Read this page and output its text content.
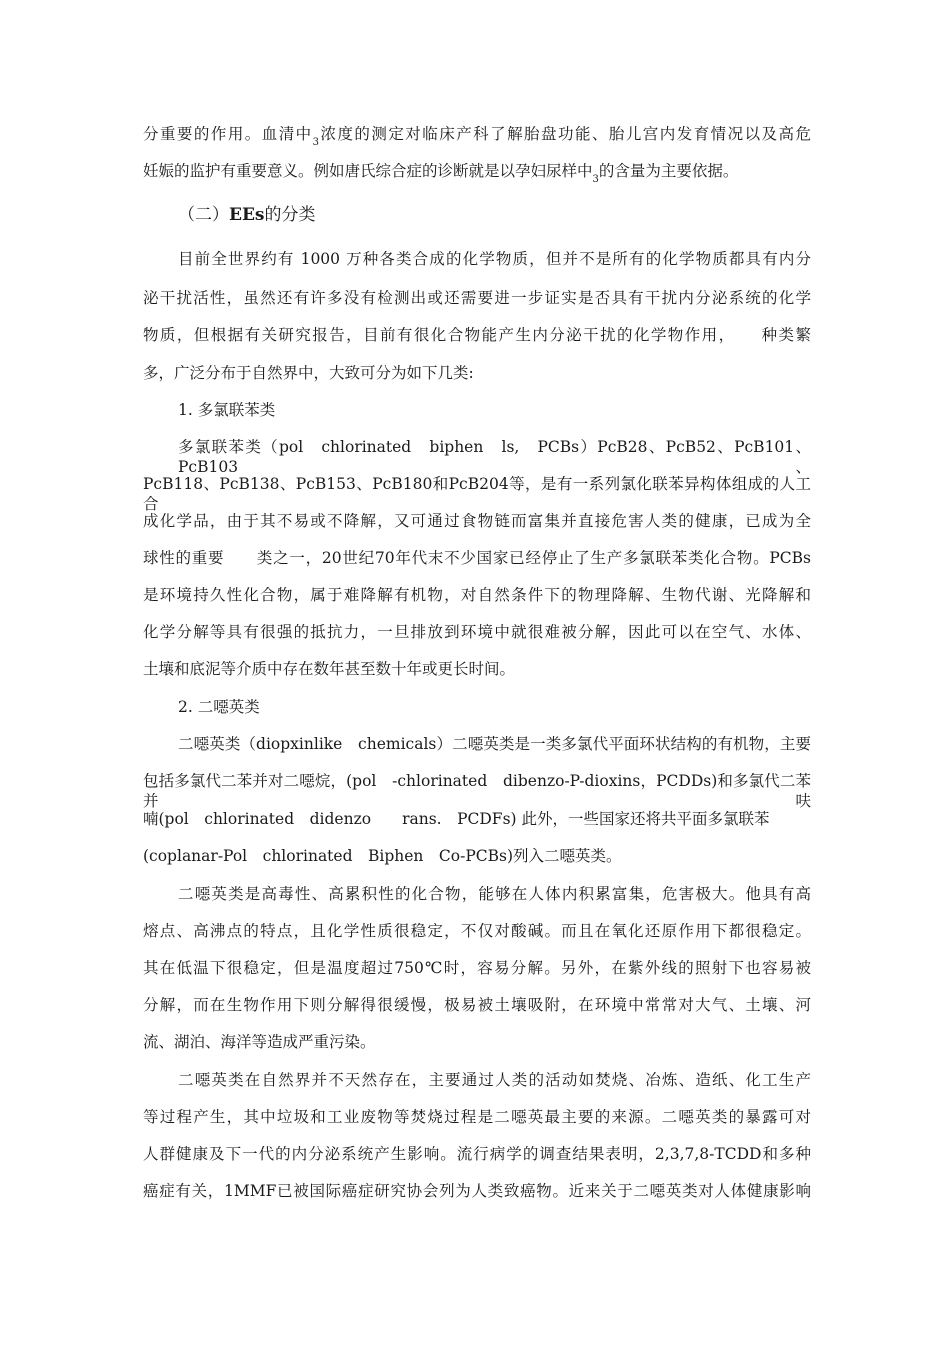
分重要的作用。血清中$_3$浓度的测定对临床产科了解胎盘功能、胎儿宫内发育情况以及高危
妊娠的监护有重要意义。例如唐氏综合症的诊断就是以孕妇尿样中$_3$的含量为主要依据。
（二）EEs的分类
目前全世界约有 1000 万种各类合成的化学物质，但并不是所有的化学物质都具有内分
泌干扰活性，虽然还有许多没有检测出或还需要进一步证实是否具有干扰内分泌系统的化学
物质，但根据有关研究报告，目前有很化合物能产生内分泌干扰的化学物作用，　　种类繁
多，广泛分布于自然界中，大致可分为如下几类:
1. 多氯联苯类
多氯联苯类（pol　chlorinated　biphen　ls,　PCBs）PcB28、PcB52、PcB101、PcB103、
PcB118、PcB138、PcB153、PcB180和PcB204等，是有一系列氯化联苯异构体组成的人工合
成化学品，由于其不易或不降解，又可通过食物链而富集并直接危害人类的健康，已成为全
球性的重要　　类之一，20世纪70年代末不少国家已经停止了生产多氯联苯类化合物。PCBs
是环境持久性化合物，属于难降解有机物，对自然条件下的物理降解、生物代谢、光降解和
化学分解等具有很强的抵抗力，一旦排放到环境中就很难被分解，因此可以在空气、水体、
土壤和底泥等介质中存在数年甚至数十年或更长时间。
2. 二噁英类
二噁英类（diopxinlike　chemicals）二噁英类是一类多氯代平面环状结构的有机物，主要
包括多氯代二苯并对二噁烷，(pol　-chlorinated　dibenzo-P-dioxins，PCDDs)和多氯代二苯并呋
喃(pol　chlorinated　didenzo　　rans.　PCDFs) 此外，一些国家还将共平面多氯联苯
(coplanar-Pol　chlorinated　Biphen　Co-PCBs)列入二噁英类。
二噁英类是高毒性、高累积性的化合物，能够在人体内积累富集，危害极大。他具有高
熔点、高沸点的特点，且化学性质很稳定，不仅对酸碱。而且在氧化还原作用下都很稳定。
其在低温下很稳定，但是温度超过750℃时，容易分解。另外，在紫外线的照射下也容易被
分解，而在生物作用下则分解得很缓慢，极易被土壤吸附，在环境中常常对大气、土壤、河
流、湖泊、海洋等造成严重污染。
二噁英类在自然界并不天然存在，主要通过人类的活动如焚烧、冶炼、造纸、化工生产
等过程产生，其中垃圾和工业废物等焚烧过程是二噁英最主要的来源。二噁英类的暴露可对
人群健康及下一代的内分泌系统产生影响。流行病学的调查结果表明，2,3,7,8-TCDD和多种
癌症有关，1MMF已被国际癌症研究协会列为人类致癌物。近来关于二噁英类对人体健康影响
